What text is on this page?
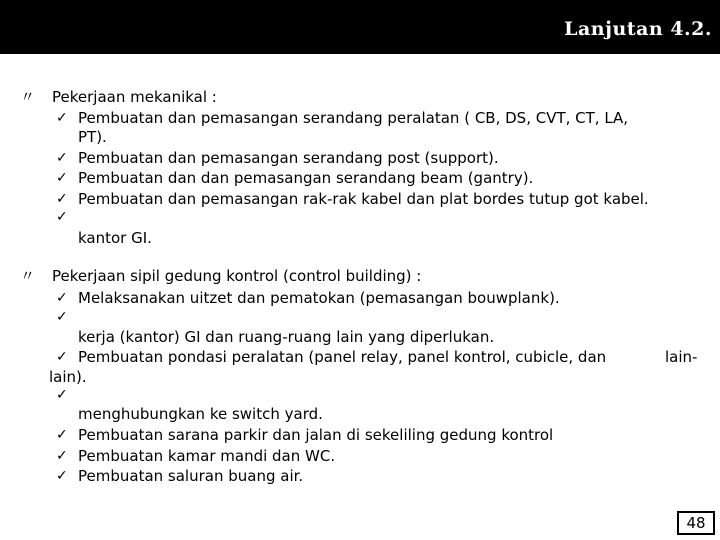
Lanjutan 4.2.
〃 Pekerjaan mekanikal :
✓ Pembuatan dan pemasangan serandang peralatan ( CB, DS, CVT, CT, LA,
PT).
✓ Pembuatan dan pemasangan serandang post (support).
✓ Pembuatan dan dan pemasangan serandang beam (gantry).
✓ Pembuatan dan pemasangan rak-rak kabel dan plat bordes tutup got kabel.
✓
kantor GI.
〃 Pekerjaan sipil gedung kontrol (control building) :
✓ Melaksanakan uitzet dan pematokan (pemasangan bouwplank).
✓
kerja (kantor) GI dan ruang-ruang lain yang diperlukan.
✓ Pembuatan pondasi peralatan (panel relay, panel kontrol, cubicle, dan	lain-
lain).
✓
menghubungkan ke switch yard.
✓ Pembuatan sarana parkir dan jalan di sekeliling gedung kontrol
✓ Pembuatan kamar mandi dan WC.
✓ Pembuatan saluran buang air.
48
